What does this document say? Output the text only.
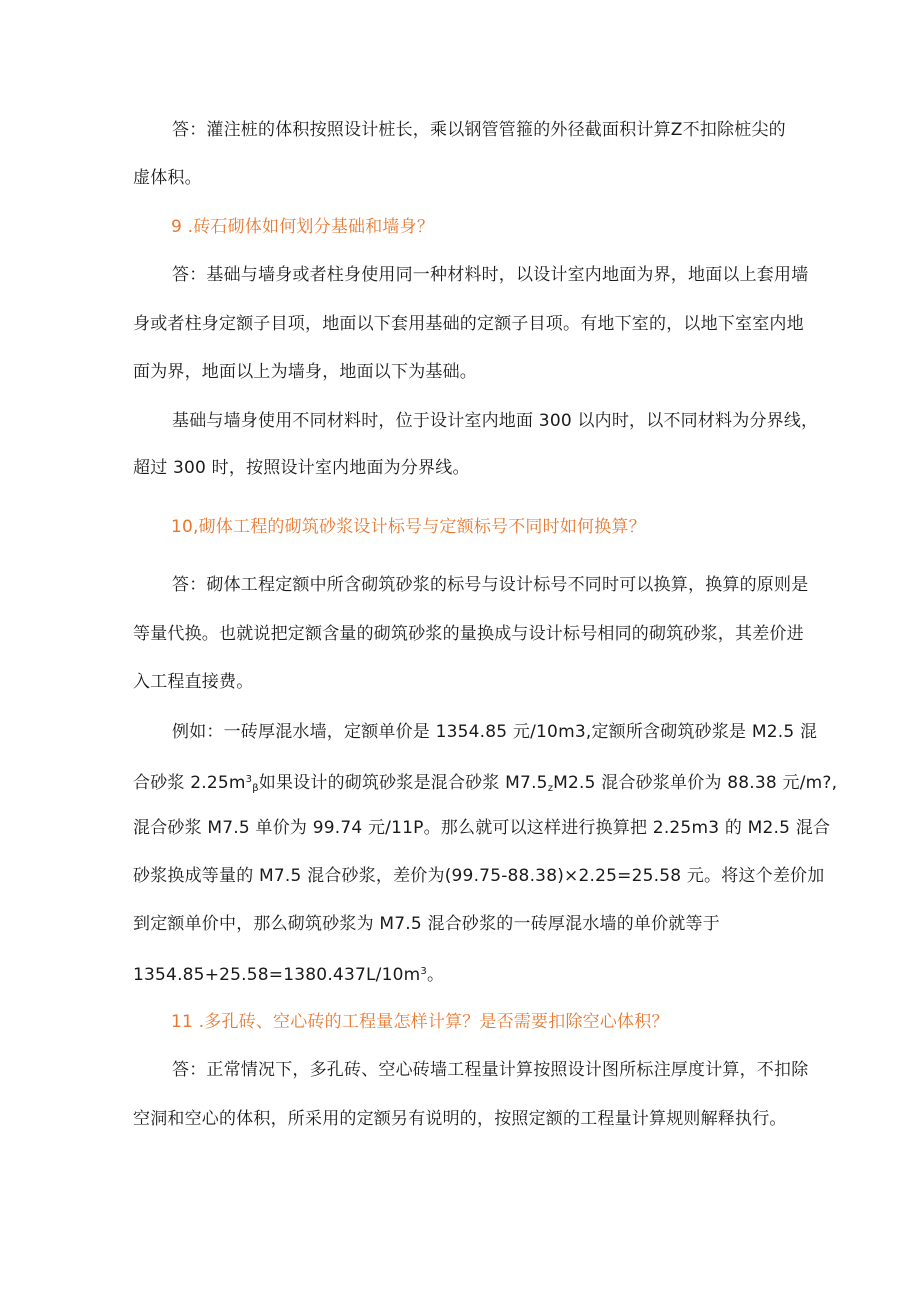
答：灌注桩的体积按照设计桩长，乘以钢管管箍的外径截面积计算Z不扣除桩尖的
虚体积。
9 .砖石砌体如何划分基础和墙身？
答：基础与墙身或者柱身使用同一种材料时，以设计室内地面为界，地面以上套用墙
身或者柱身定额子目项，地面以下套用基础的定额子目项。有地下室的，以地下室室内地
面为界，地面以上为墙身，地面以下为基础。
基础与墙身使用不同材料时，位于设计室内地面 300 以内时，以不同材料为分界线，
超过 300 时，按照设计室内地面为分界线。
10,砌体工程的砌筑砂浆设计标号与定额标号不同时如何换算？
答：砌体工程定额中所含砌筑砂浆的标号与设计标号不同时可以换算，换算的原则是
等量代换。也就说把定额含量的砌筑砂浆的量换成与设计标号相同的砌筑砂浆，其差价进
入工程直接费。
例如：一砖厚混水墙，定额单价是 1354.85 元/10m3,定额所含砌筑砂浆是 M2.5 混
合砂浆 $2.25m^3_\beta$如果设计的砌筑砂浆是混合砂浆 $M7.5_zM2.5$ 混合砂浆单价为 88.38 元/m?,
混合砂浆 M7.5 单价为 99.74 元/11P。那么就可以这样进行换算把 2.25m3 的 M2.5 混合
砂浆换成等量的 M7.5 混合砂浆，差价为(99.75-88.38)×2.25=25.58 元。将这个差价加
到定额单价中，那么砌筑砂浆为 M7.5 混合砂浆的一砖厚混水墙的单价就等于
$1354.85+25.58=1380.437L/10m^3$。
11 .多孔砖、空心砖的工程量怎样计算？是否需要扣除空心体积？
答：正常情况下，多孔砖、空心砖墙工程量计算按照设计图所标注厚度计算，不扣除
空洞和空心的体积，所采用的定额另有说明的，按照定额的工程量计算规则解释执行。
